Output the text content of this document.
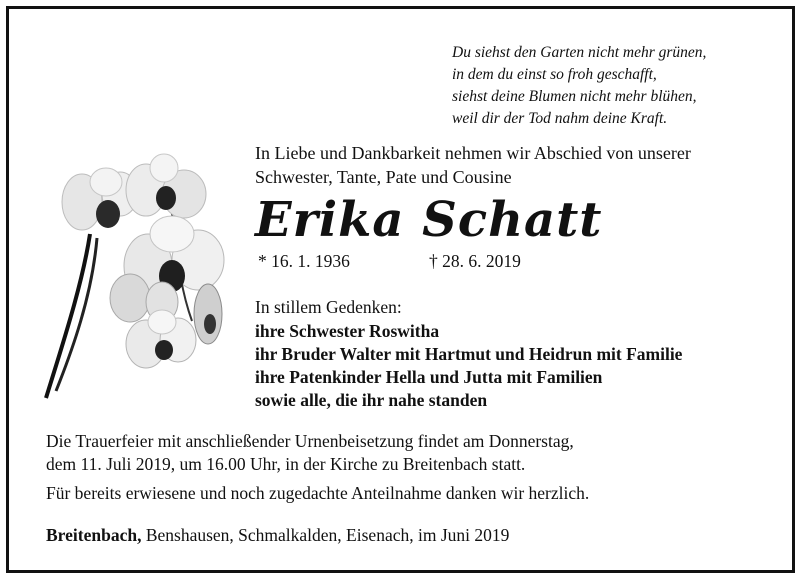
Du siehst den Garten nicht mehr grünen,
in dem du einst so froh geschafft,
siehst deine Blumen nicht mehr blühen,
weil dir der Tod nahm deine Kraft.
In Liebe und Dankbarkeit nehmen wir Abschied von unserer
Schwester, Tante, Pate und Cousine
Erika Schatt
* 16. 1. 1936	† 28. 6. 2019
In stillem Gedenken:
ihre Schwester Roswitha
ihr Bruder Walter mit Hartmut und Heidrun mit Familie
ihre Patenkinder Hella und Jutta mit Familien
sowie alle, die ihr nahe standen
Die Trauerfeier mit anschließender Urnenbeisetzung findet am Donnerstag,
dem 11. Juli 2019, um 16.00 Uhr, in der Kirche zu Breitenbach statt.
Für bereits erwiesene und noch zugedachte Anteilnahme danken wir herzlich.
Breitenbach, Benshausen, Schmalkalden, Eisenach, im Juni 2019
